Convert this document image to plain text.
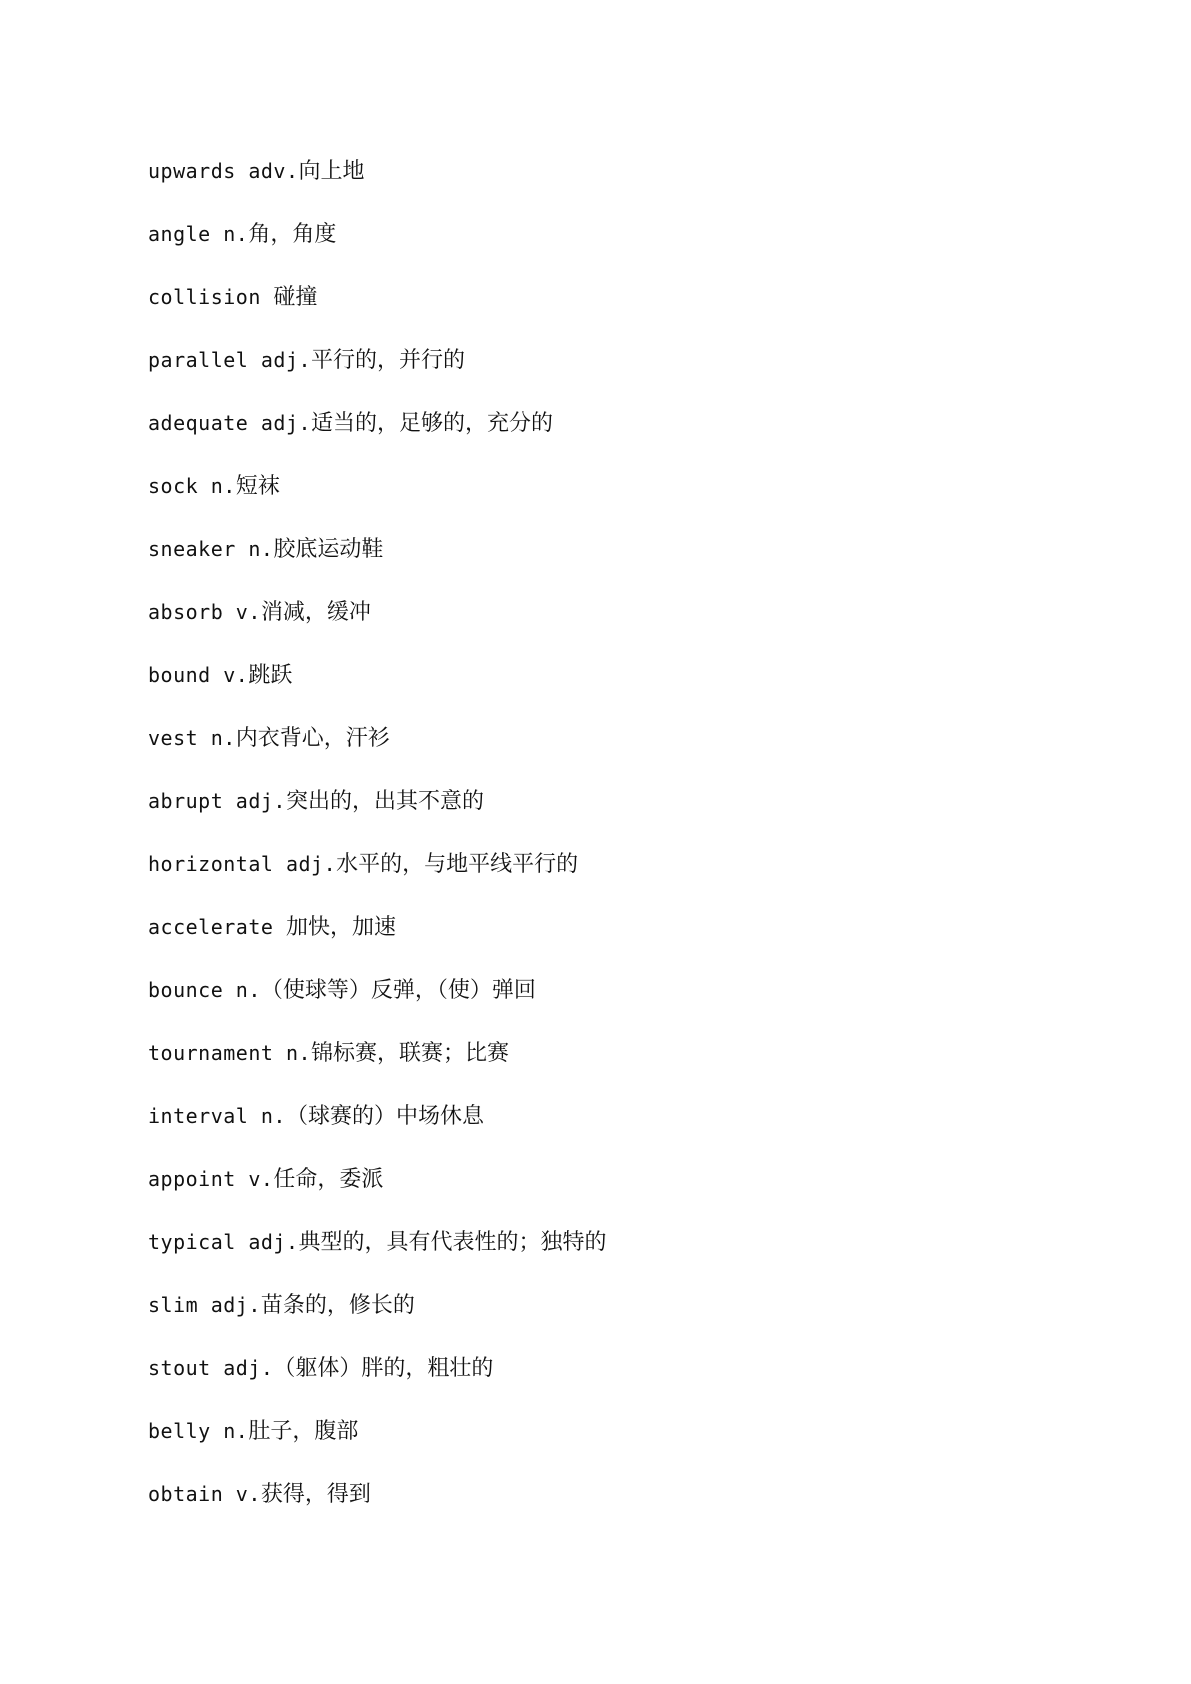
upwards adv.向上地
angle n.角，角度
collision 碰撞
parallel adj.平行的，并行的
adequate adj.适当的，足够的，充分的
sock n.短袜
sneaker n.胶底运动鞋
absorb v.消减，缓冲
bound v.跳跃
vest n.内衣背心，汗衫
abrupt adj.突出的，出其不意的
horizontal adj.水平的，与地平线平行的
accelerate 加快，加速
bounce n.（使球等）反弹，（使）弹回
tournament n.锦标赛，联赛；比赛
interval n.（球赛的）中场休息
appoint v.任命，委派
typical adj.典型的，具有代表性的；独特的
slim adj.苗条的，修长的
stout adj.（躯体）胖的，粗壮的
belly n.肚子，腹部
obtain v.获得，得到
